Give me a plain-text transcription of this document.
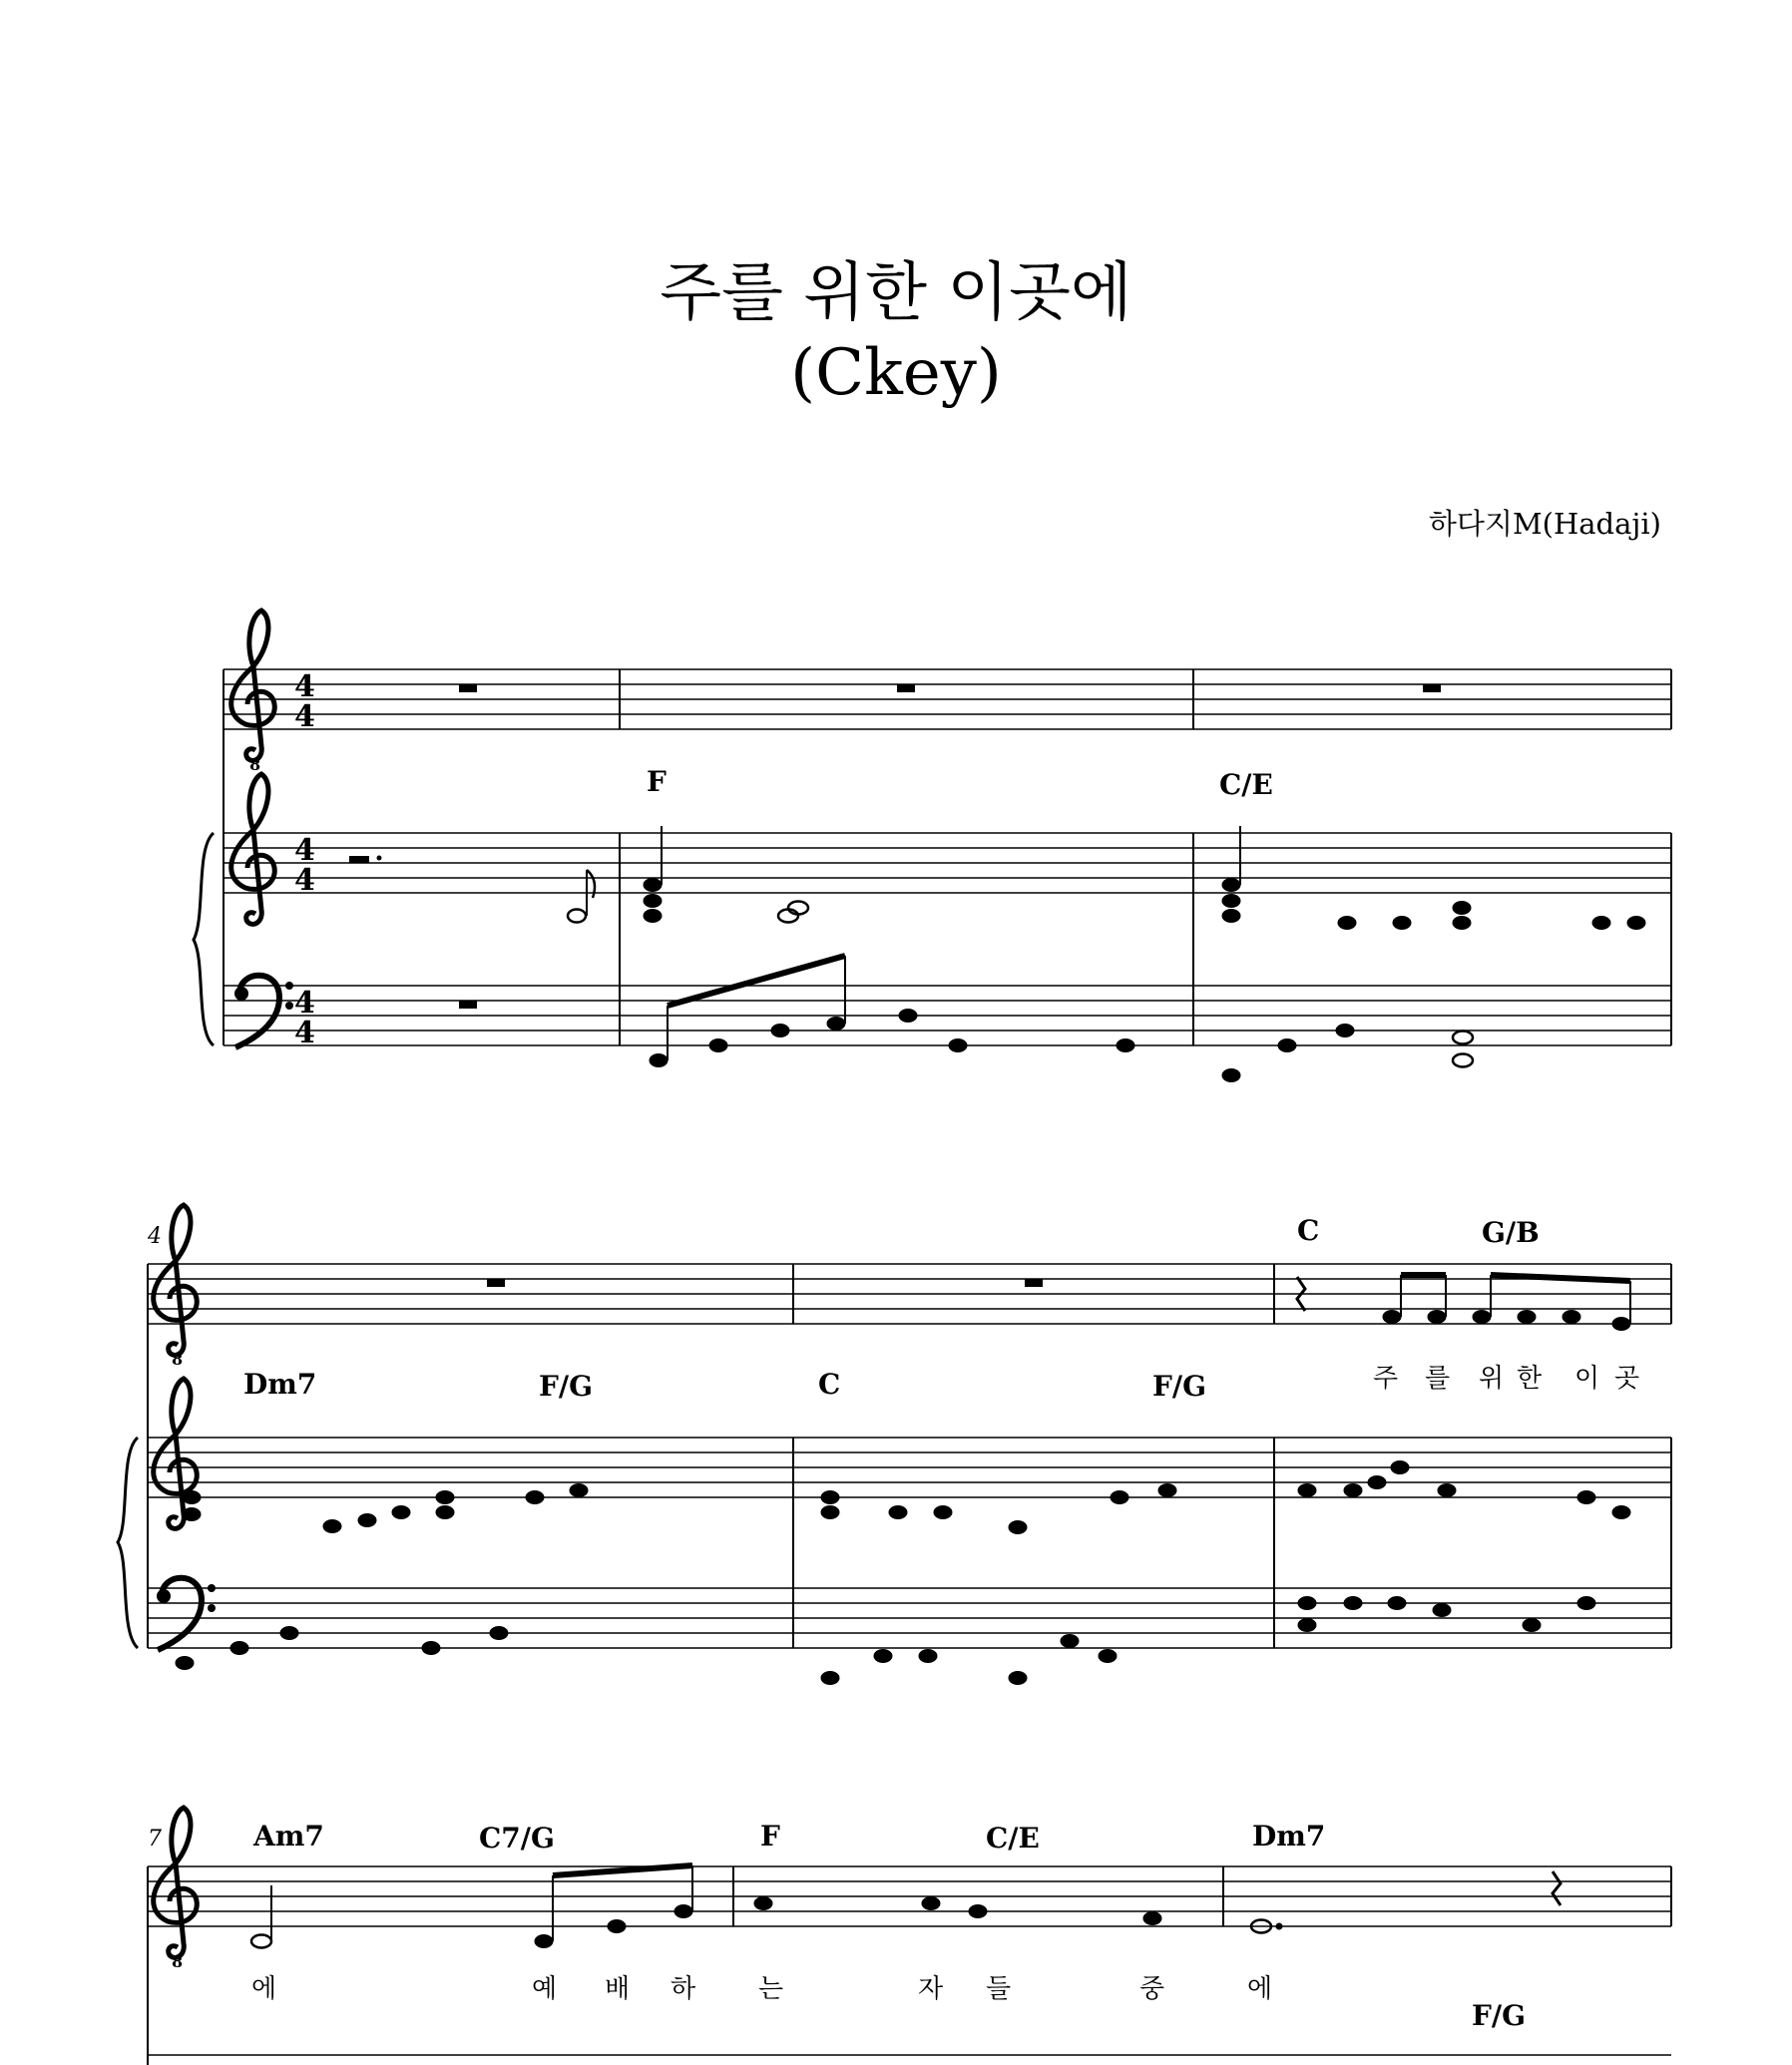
주를 위한 이곳에
(Ckey)
하다지M(Hadaji)
8
4
4
4
4
4
4
8
8
4
7
F	C/E
Dm7	F/G	C	F/G
C	G/B
Am7	C7/G	F	C/E	Dm7
F/G
주 를 위 한 이 곳
에	예 배 하 는	자 들	중	에
